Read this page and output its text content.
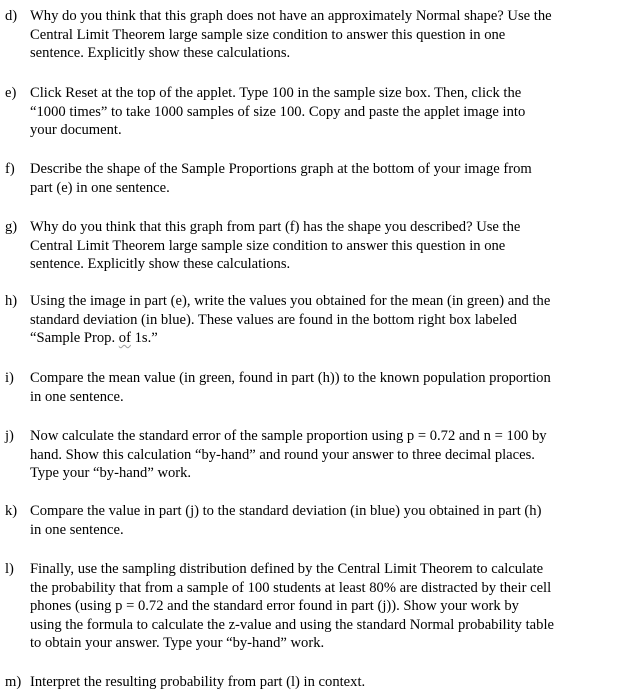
d) Why do you think that this graph does not have an approximately Normal shape? Use the
Central Limit Theorem large sample size condition to answer this question in one
sentence. Explicitly show these calculations.
e) Click Reset at the top of the applet. Type 100 in the sample size box. Then, click the
“1000 times” to take 1000 samples of size 100. Copy and paste the applet image into
your document.
f) Describe the shape of the Sample Proportions graph at the bottom of your image from
part (e) in one sentence.
g) Why do you think that this graph from part (f) has the shape you described? Use the
Central Limit Theorem large sample size condition to answer this question in one
sentence. Explicitly show these calculations.
h) Using the image in part (e), write the values you obtained for the mean (in green) and the
standard deviation (in blue). These values are found in the bottom right box labeled
“Sample Prop. of 1s.”
i) Compare the mean value (in green, found in part (h)) to the known population proportion
in one sentence.
j) Now calculate the standard error of the sample proportion using p = 0.72 and n = 100 by
hand. Show this calculation “by-hand” and round your answer to three decimal places.
Type your “by-hand” work.
k) Compare the value in part (j) to the standard deviation (in blue) you obtained in part (h)
in one sentence.
l) Finally, use the sampling distribution defined by the Central Limit Theorem to calculate
the probability that from a sample of 100 students at least 80% are distracted by their cell
phones (using p = 0.72 and the standard error found in part (j)). Show your work by
using the formula to calculate the z-value and using the standard Normal probability table
to obtain your answer. Type your “by-hand” work.
m) Interpret the resulting probability from part (l) in context.
